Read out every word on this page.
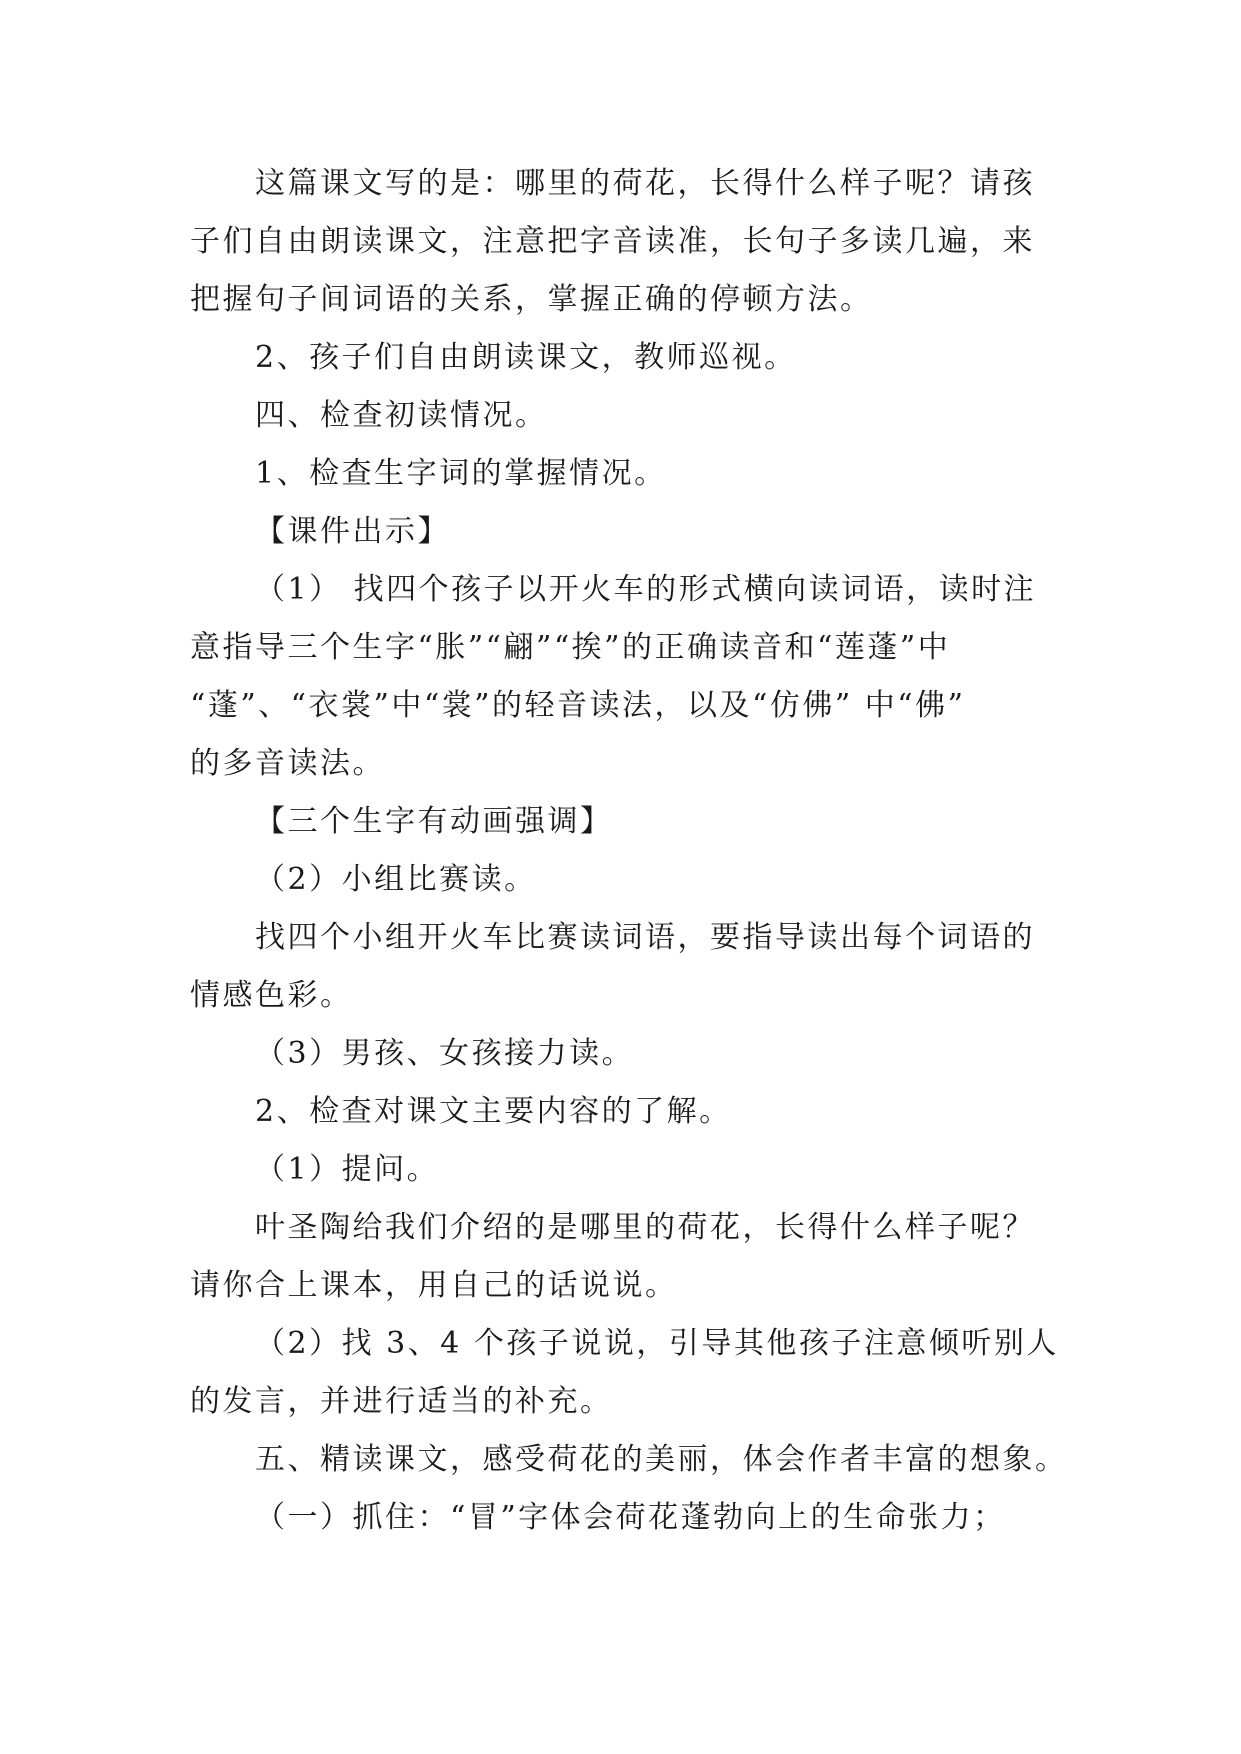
这篇课文写的是：哪里的荷花，长得什么样子呢？请孩
子们自由朗读课文，注意把字音读准，长句子多读几遍，来
把握句子间词语的关系，掌握正确的停顿方法。
2、孩子们自由朗读课文，教师巡视。
四、检查初读情况。
1、检查生字词的掌握情况。
【课件出示】
（1） 找四个孩子以开火车的形式横向读词语，读时注
意指导三个生字“胀”“翩”“挨”的正确读音和“莲蓬”中
“蓬”、“衣裳”中“裳”的轻音读法，以及“仿佛” 中“佛”
的多音读法。
【三个生字有动画强调】
（2）小组比赛读。
找四个小组开火车比赛读词语，要指导读出每个词语的
情感色彩。
（3）男孩、女孩接力读。
2、检查对课文主要内容的了解。
（1）提问。
叶圣陶给我们介绍的是哪里的荷花，长得什么样子呢？
请你合上课本，用自己的话说说。
（2）找 3、4 个孩子说说，引导其他孩子注意倾听别人
的发言，并进行适当的补充。
五、精读课文，感受荷花的美丽，体会作者丰富的想象。
（一）抓住：“冒”字体会荷花蓬勃向上的生命张力；
